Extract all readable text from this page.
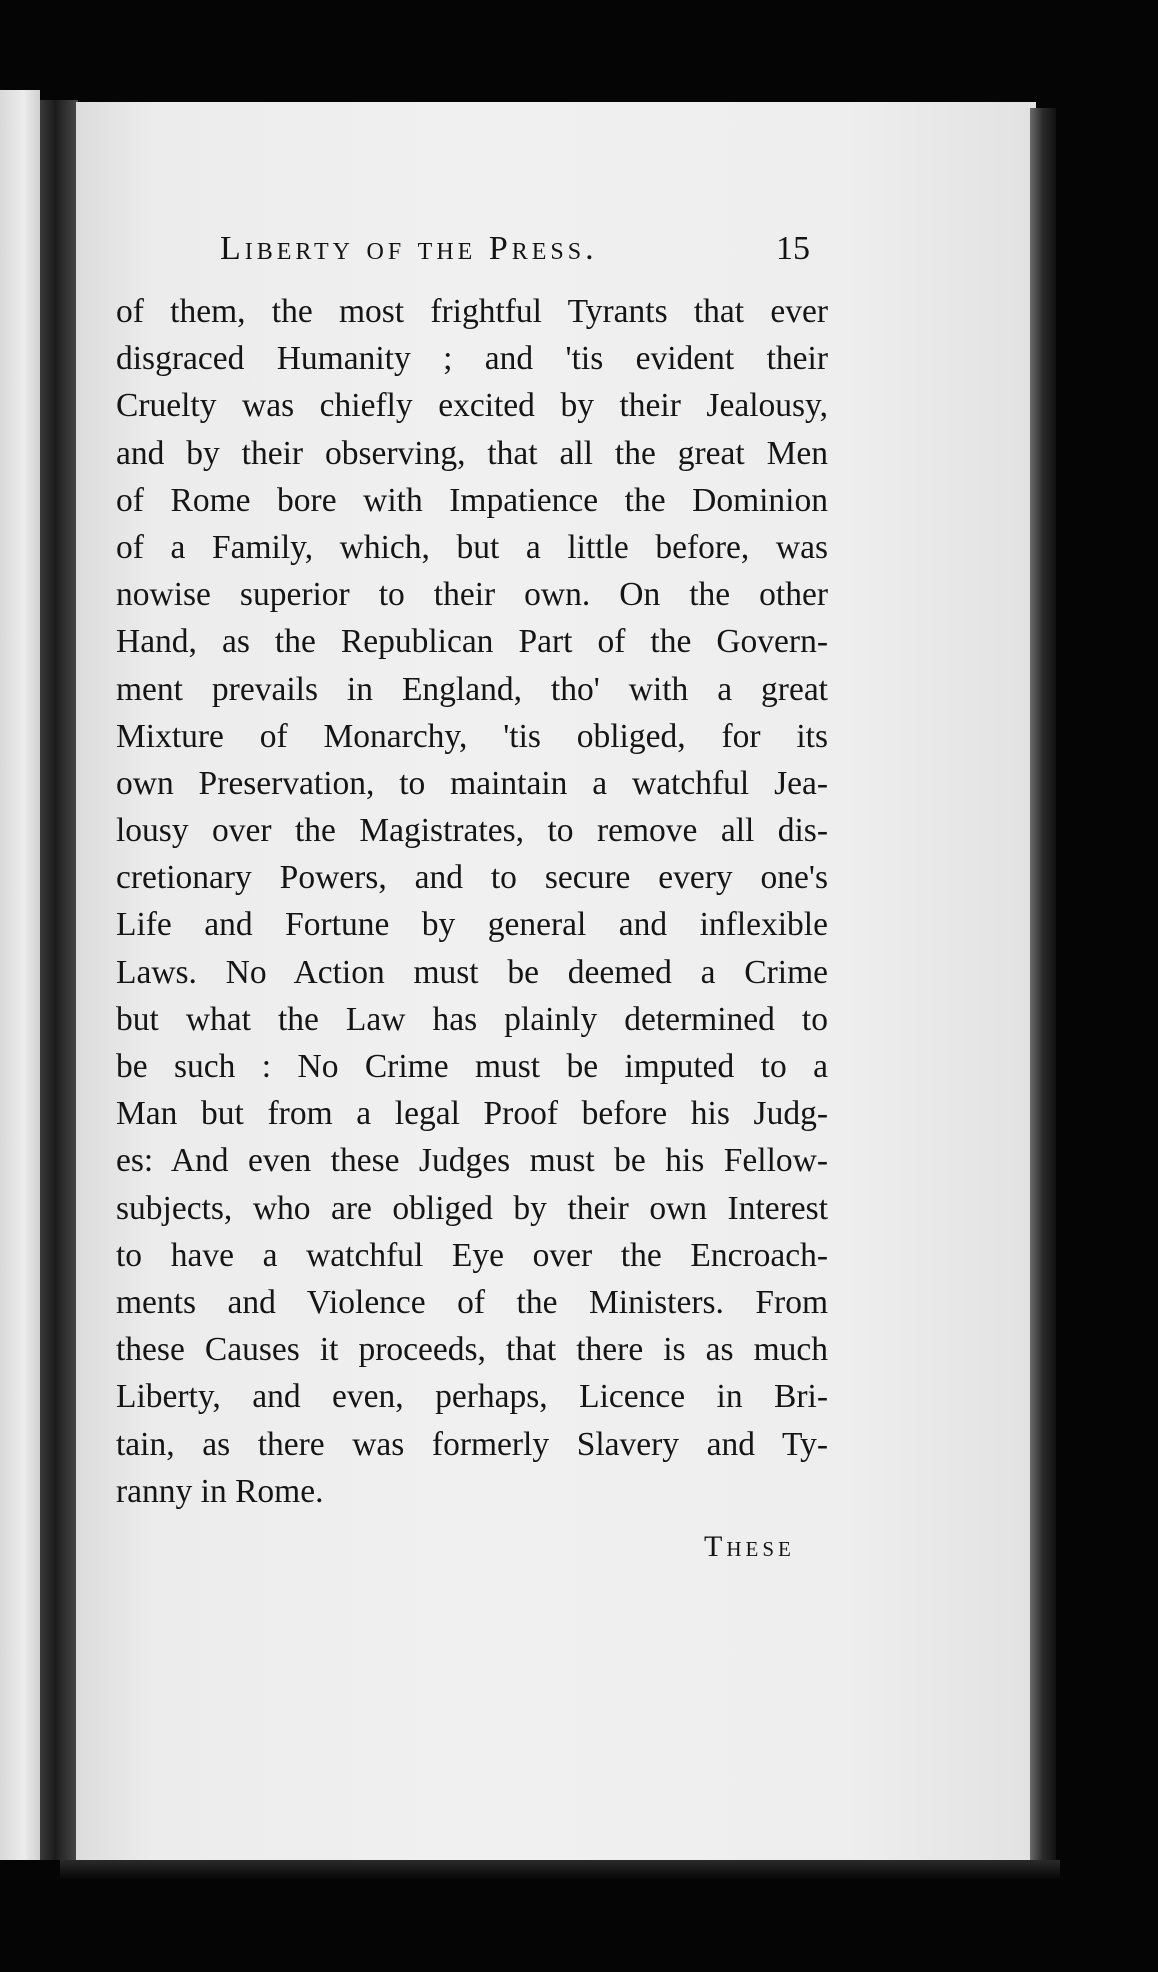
Liberty of the Press.	15
of them, the most frightful Tyrants that ever
disgraced Humanity ; and 'tis evident their
Cruelty was chiefly excited by their Jealousy,
and by their observing, that all the great Men
of Rome bore with Impatience the Dominion
of a Family, which, but a little before, was
nowise superior to their own. On the other
Hand, as the Republican Part of the Govern-
ment prevails in England, tho' with a great
Mixture of Monarchy, 'tis obliged, for its
own Preservation, to maintain a watchful Jea-
lousy over the Magistrates, to remove all dis-
cretionary Powers, and to secure every one's
Life and Fortune by general and inflexible
Laws. No Action must be deemed a Crime
but what the Law has plainly determined to
be such : No Crime must be imputed to a
Man but from a legal Proof before his Judg-
es: And even these Judges must be his Fellow-
subjects, who are obliged by their own Interest
to have a watchful Eye over the Encroach-
ments and Violence of the Ministers. From
these Causes it proceeds, that there is as much
Liberty, and even, perhaps, Licence in Bri-
tain, as there was formerly Slavery and Ty-
ranny in Rome.
These
